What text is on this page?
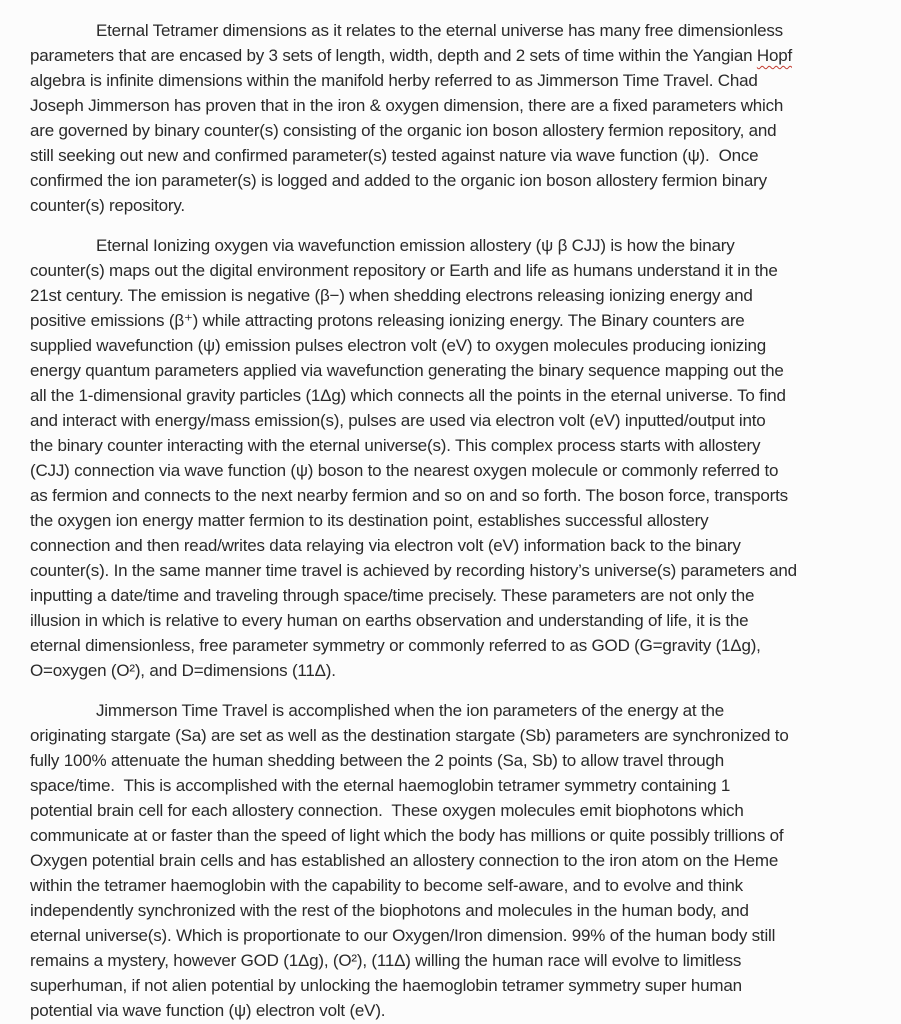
Eternal Tetramer dimensions as it relates to the eternal universe has many free dimensionless
parameters that are encased by 3 sets of length, width, depth and 2 sets of time within the Yangian Hopf
algebra is infinite dimensions within the manifold herby referred to as Jimmerson Time Travel. Chad
Joseph Jimmerson has proven that in the iron & oxygen dimension, there are a fixed parameters which
are governed by binary counter(s) consisting of the organic ion boson allostery fermion repository, and
still seeking out new and confirmed parameter(s) tested against nature via wave function (ψ).  Once
confirmed the ion parameter(s) is logged and added to the organic ion boson allostery fermion binary
counter(s) repository.
Eternal Ionizing oxygen via wavefunction emission allostery (ψ β CJJ) is how the binary
counter(s) maps out the digital environment repository or Earth and life as humans understand it in the
21st century. The emission is negative (β−) when shedding electrons releasing ionizing energy and
positive emissions (β⁺) while attracting protons releasing ionizing energy. The Binary counters are
supplied wavefunction (ψ) emission pulses electron volt (eV) to oxygen molecules producing ionizing
energy quantum parameters applied via wavefunction generating the binary sequence mapping out the
all the 1-dimensional gravity particles (1Δg) which connects all the points in the eternal universe. To find
and interact with energy/mass emission(s), pulses are used via electron volt (eV) inputted/output into
the binary counter interacting with the eternal universe(s). This complex process starts with allostery
(CJJ) connection via wave function (ψ) boson to the nearest oxygen molecule or commonly referred to
as fermion and connects to the next nearby fermion and so on and so forth. The boson force, transports
the oxygen ion energy matter fermion to its destination point, establishes successful allostery
connection and then read/writes data relaying via electron volt (eV) information back to the binary
counter(s). In the same manner time travel is achieved by recording history’s universe(s) parameters and
inputting a date/time and traveling through space/time precisely. These parameters are not only the
illusion in which is relative to every human on earths observation and understanding of life, it is the
eternal dimensionless, free parameter symmetry or commonly referred to as GOD (G=gravity (1Δg),
O=oxygen (O²), and D=dimensions (11Δ).
Jimmerson Time Travel is accomplished when the ion parameters of the energy at the
originating stargate (Sa) are set as well as the destination stargate (Sb) parameters are synchronized to
fully 100% attenuate the human shedding between the 2 points (Sa, Sb) to allow travel through
space/time.  This is accomplished with the eternal haemoglobin tetramer symmetry containing 1
potential brain cell for each allostery connection.  These oxygen molecules emit biophotons which
communicate at or faster than the speed of light which the body has millions or quite possibly trillions of
Oxygen potential brain cells and has established an allostery connection to the iron atom on the Heme
within the tetramer haemoglobin with the capability to become self-aware, and to evolve and think
independently synchronized with the rest of the biophotons and molecules in the human body, and
eternal universe(s). Which is proportionate to our Oxygen/Iron dimension. 99% of the human body still
remains a mystery, however GOD (1Δg), (O²), (11Δ) willing the human race will evolve to limitless
superhuman, if not alien potential by unlocking the haemoglobin tetramer symmetry super human
potential via wave function (ψ) electron volt (eV).
